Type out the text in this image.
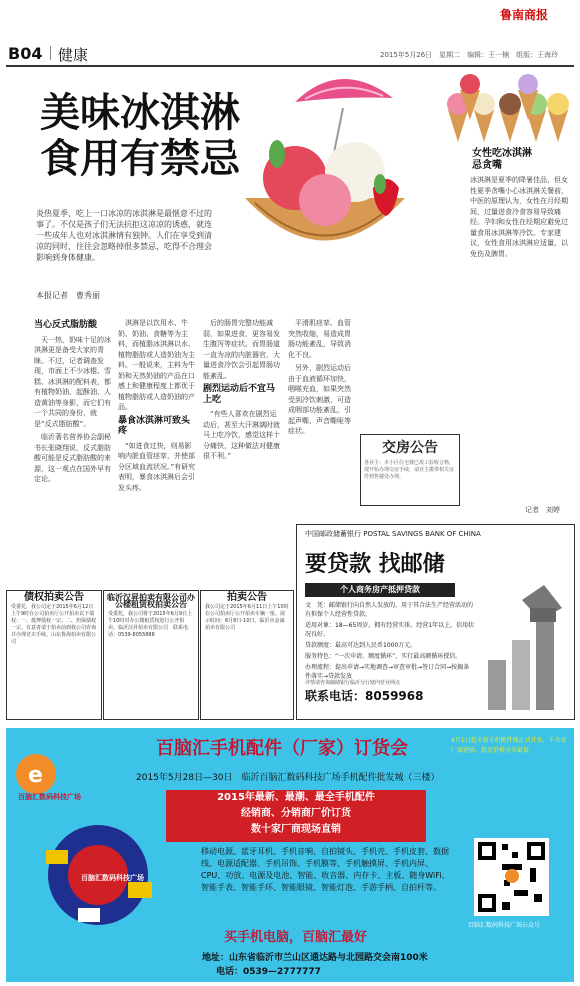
鲁南商报
B04 健康	2015年5月26日　星期二　编辑：王一楠　组版：王海玲
美味冰淇淋
食用有禁忌
炎热夏季，吃上一口冰凉的冰淇淋是最惬意不过的事了。不仅是孩子们无法抗拒这凉凉的诱惑，就连一些成年人也对冰淇淋情有独钟。人们在享受到清凉的同时，往往会忽略掉很多禁忌，吃得不合理会影响到身体健康。
本报记者　曹秀丽
女性吃冰淇淋
忌贪嘴
冰淇淋是夏季的降暑佳品，但女性夏季贪嘴小心冰淇淋关餐前，中医的原理认为，女性在月经期间，过量进食冷食容易导致痛经。孕妇和女性在经期应避免过量食用冰淇淋等冷饮。专家建议，女性食用冰淇淋应适量，以免伤及脾胃。
记者　刘婷
当心反式脂肪酸

天一热，奶味十足的冰淇淋更是备受大家的青睐。不过，记者调查发现，市面上不少冰棍、雪糕、冰淇淋的配料表，都有植物奶油、起酥油、人造黄油等身影，而它们有一个共同的身份，就是“反式脂肪酸”。

临沂著名营养协会副秘书长张晓翔说，反式脂肪酸可能是反式脂肪酸的来源，这一观点在国外早有定论。

淇淋是以饮用水、牛奶、奶油、食糖等为主料，而植脂冰淇淋以水、植物脂肪或人造奶油为主料。一般说来，主料为牛奶和天然奶油的产品在口感上和健康程度上都优于植物脂肪或人造奶油的产品。

暴食冰淇淋可致头疼

“如进食过快，则易影响内脏血管痉挛，并使部分区域血流状况。”有研究表明，暴食冰淇淋后会引发头疼。

后的肠胃完整功能减弱，如果进食，更容易发生腹泻等症状。而胃肠道一直为凉的内脏器官，大量进食冷饮会引起胃肠功能紊乱。

剧烈运动后不宜马上吃

“有些人喜欢在剧烈运动后，甚至大汗淋漓时就马上吃冷饮，感觉这样十分痛快，这种做法对健康很不利。”

平滑肌痉挛、血管突然收缩，易造成胃肠功能紊乱，导致消化不良。

另外，剧烈运动后由于血液循环加快，咽喉充血，如果突然受到冷饮刺激，可造成咽部功能紊乱，引起声嘶、声音嘶哑等症状。

交房公告
各业主：本小区住宅楼已竣工验收合格，现开始办理交房手续，请业主携带相关证件到售楼处办理。
债权拍卖公告
受委托，我公司定于2015年6月12日上午9时在公司拍卖厅公开拍卖以下债权：一、抵押债权一宗；二、担保债权一宗。有意者请于拍卖前到我公司咨询并办理竞买手续。山东鲁海拍卖有限公司
临沂汉昇拍卖有限公司办公楼租赁权拍卖公告
受委托，我公司将于2015年6月9日上午10时对办公楼租赁权进行公开拍卖。临沂汉昇拍卖有限公司　联系电话：0539-8055888
拍卖公告
我公司定于2015年6月11日上午10时在公司拍卖厅公开拍卖车辆一批。展示时间：6月8日-10日。临沂市金诚拍卖有限公司
中国邮政储蓄银行 POSTAL SAVINGS BANK OF CHINA
要贷款 找邮储
个人商务房产抵押贷款
文　凭：邮储银行向自然人发放的，用于其合法生产经营活动的有担保个人经营性贷款。
适用对象：18—65周岁，拥有经营实体，经营1年以上，信用状况良好。
贷款额度：最高可达到人民币1000万元。
服务特色：“一次申请、额度循环”，实行最高额循环授信。
办理流程：提出申请→实地调查→审查审批→签订合同→按揭条件落实→贷款发放
详情请咨询邮储银行临沂分行辖内营业网点
联系电话：8059968
e
百脑汇数码科技广场
百脑汇手机配件（厂家）订货会
2015年5月28日—30日　临沂百脑汇数码科技广场手机配件批发城（三楼）
2015年最新、最潮、最全手机配件
经销商、分销商厂价订货
数十家厂商现场直销
移动电源、蓝牙耳机、手机音响、自拍镜头、手机壳、手机皮套、数据线、电源适配器、手机吊饰、手机膜等、手机触摸屏、手机内屏、CPU、功放、电源及电池、智能、收音器、内存卡、主板、随身WiFi、智能手表、智能手环、智能眼镜、智能灯泡、手游手柄、自拍杆等。
买手机电脑，百脑汇最好
地址：山东省临沂市兰山区通达路与北园路交会南100米
电话：0539—2777777
4月1日起全新手机配件城正式开业，千余家厂商进驻，批发价格全市最低
百脑汇数码科技广场
百脑汇数码科技广场公众号
